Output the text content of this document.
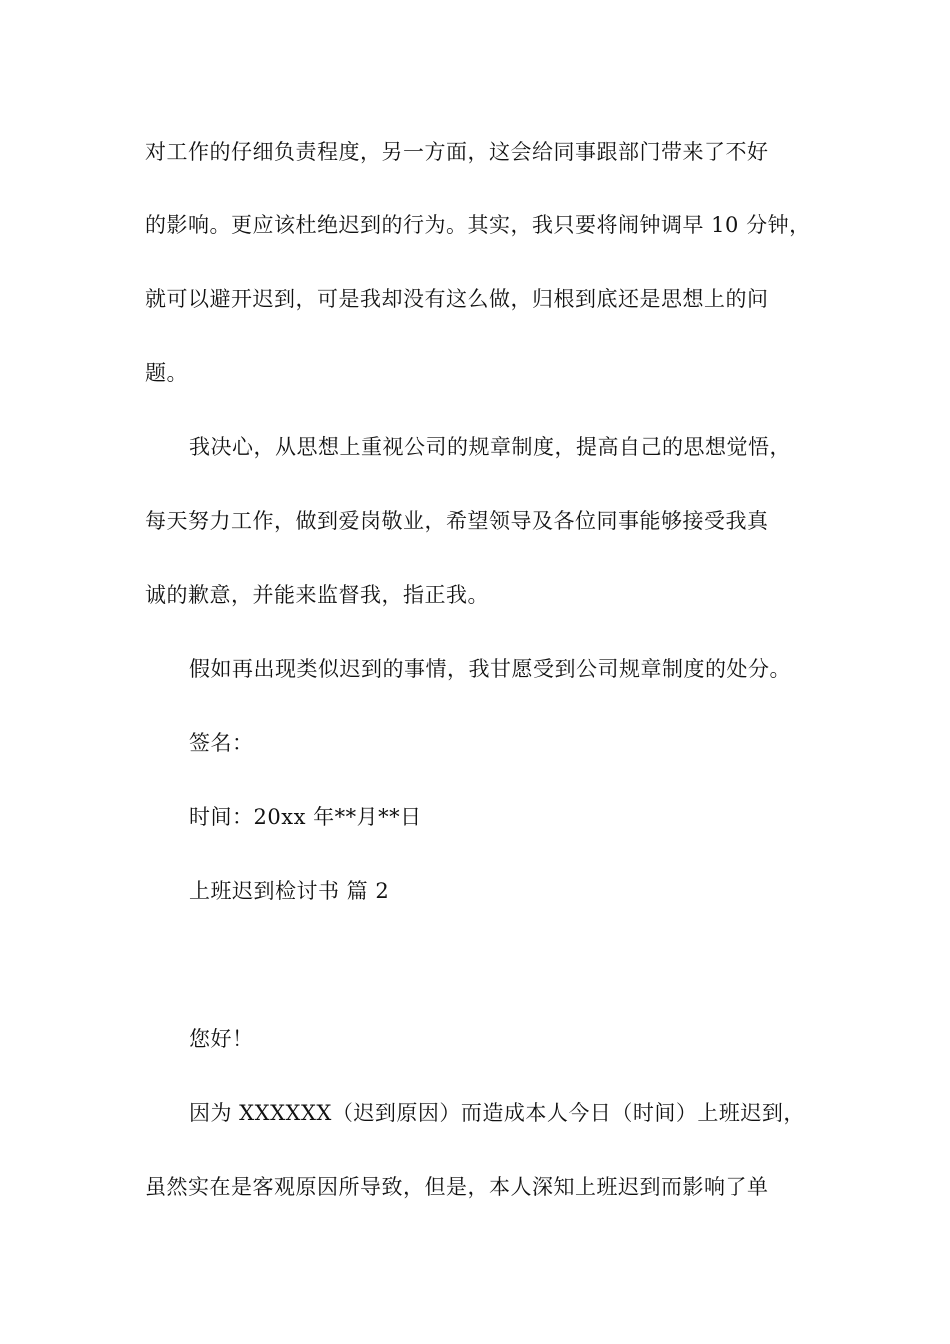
对工作的仔细负责程度，另一方面，这会给同事跟部门带来了不好
的影响。更应该杜绝迟到的行为。其实，我只要将闹钟调早 10 分钟，
就可以避开迟到，可是我却没有这么做，归根到底还是思想上的问
题。
我决心，从思想上重视公司的规章制度，提高自己的思想觉悟，
每天努力工作，做到爱岗敬业，希望领导及各位同事能够接受我真
诚的歉意，并能来监督我，指正我。
假如再出现类似迟到的事情，我甘愿受到公司规章制度的处分。
签名：
时间：20xx 年**月**日
上班迟到检讨书 篇 2
您好！
因为 XXXXXX（迟到原因）而造成本人今日（时间）上班迟到，
虽然实在是客观原因所导致，但是，本人深知上班迟到而影响了单
